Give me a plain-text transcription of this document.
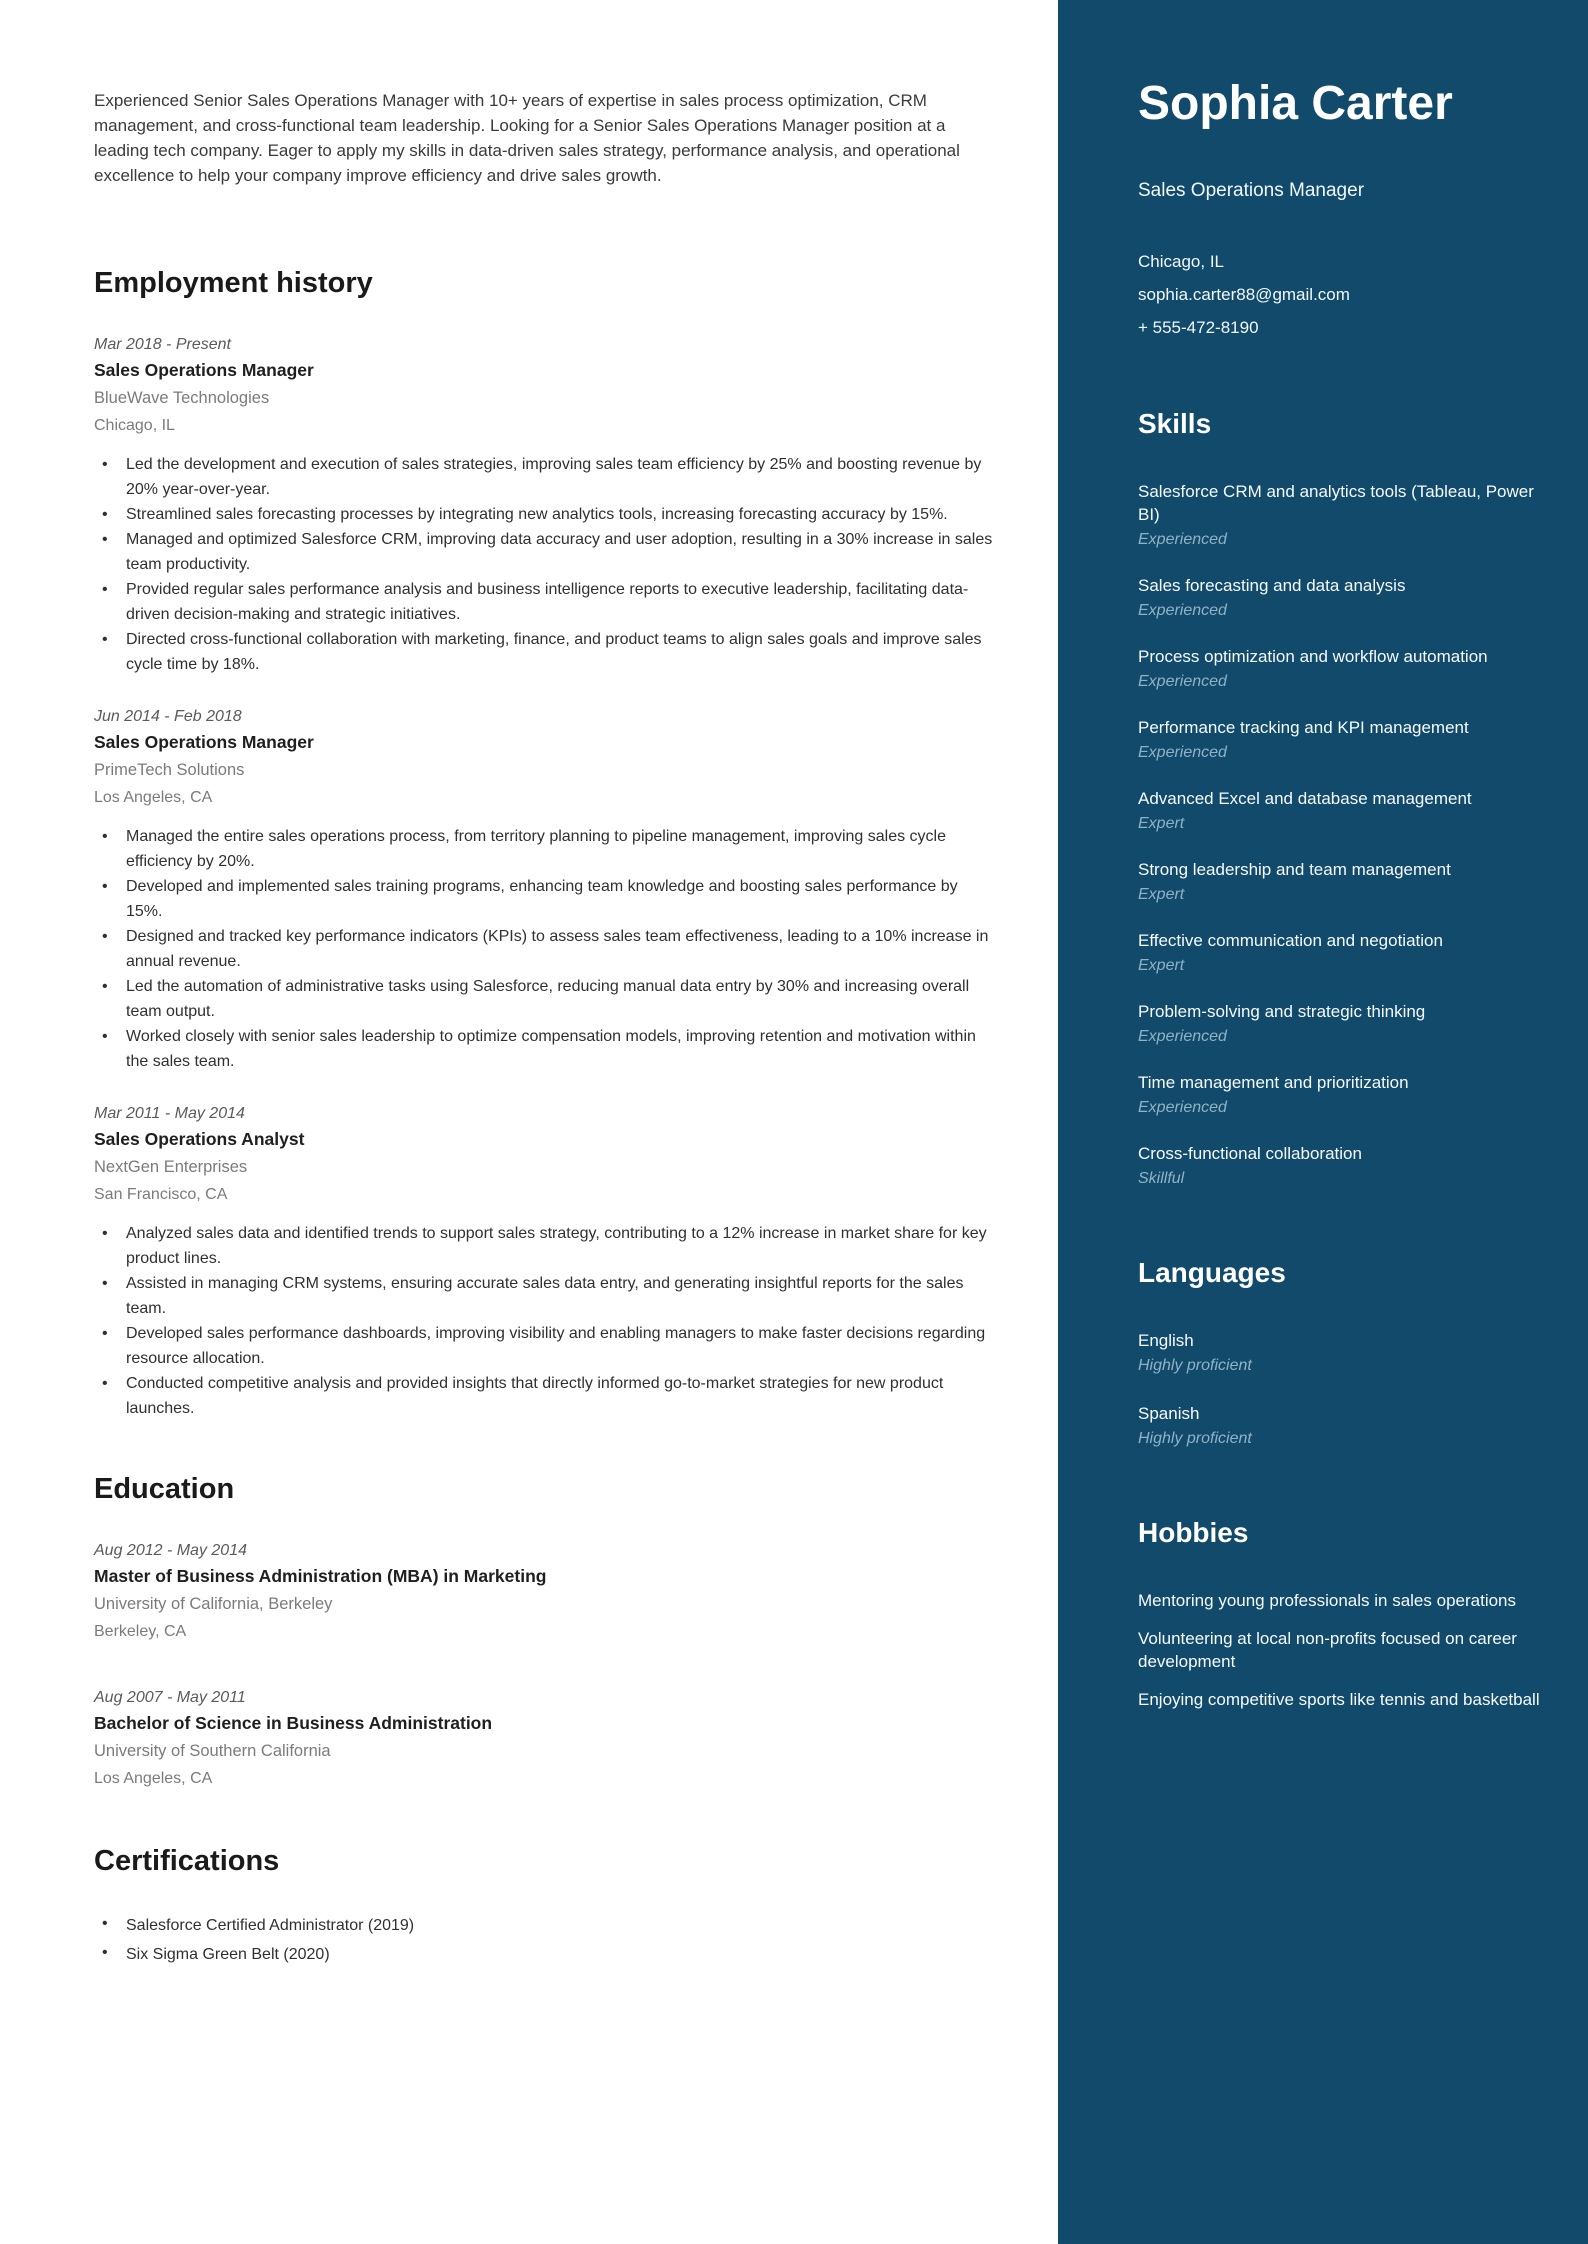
Experienced Senior Sales Operations Manager with 10+ years of expertise in sales process optimization, CRM management, and cross-functional team leadership. Looking for a Senior Sales Operations Manager position at a leading tech company. Eager to apply my skills in data-driven sales strategy, performance analysis, and operational excellence to help your company improve efficiency and drive sales growth.

Employment history
Mar 2018 - Present
Sales Operations Manager
BlueWave Technologies
Chicago, IL
• Led the development and execution of sales strategies, improving sales team efficiency by 25% and boosting revenue by 20% year-over-year.
• Streamlined sales forecasting processes by integrating new analytics tools, increasing forecasting accuracy by 15%.
• Managed and optimized Salesforce CRM, improving data accuracy and user adoption, resulting in a 30% increase in sales team productivity.
• Provided regular sales performance analysis and business intelligence reports to executive leadership, facilitating data-driven decision-making and strategic initiatives.
• Directed cross-functional collaboration with marketing, finance, and product teams to align sales goals and improve sales cycle time by 18%.
Jun 2014 - Feb 2018
Sales Operations Manager
PrimeTech Solutions
Los Angeles, CA
• Managed the entire sales operations process, from territory planning to pipeline management, improving sales cycle efficiency by 20%.
• Developed and implemented sales training programs, enhancing team knowledge and boosting sales performance by 15%.
• Designed and tracked key performance indicators (KPIs) to assess sales team effectiveness, leading to a 10% increase in annual revenue.
• Led the automation of administrative tasks using Salesforce, reducing manual data entry by 30% and increasing overall team output.
• Worked closely with senior sales leadership to optimize compensation models, improving retention and motivation within the sales team.
Mar 2011 - May 2014
Sales Operations Analyst
NextGen Enterprises
San Francisco, CA
• Analyzed sales data and identified trends to support sales strategy, contributing to a 12% increase in market share for key product lines.
• Assisted in managing CRM systems, ensuring accurate sales data entry, and generating insightful reports for the sales team.
• Developed sales performance dashboards, improving visibility and enabling managers to make faster decisions regarding resource allocation.
• Conducted competitive analysis and provided insights that directly informed go-to-market strategies for new product launches.
Education
Aug 2012 - May 2014
Master of Business Administration (MBA) in Marketing
University of California, Berkeley
Berkeley, CA
Aug 2007 - May 2011
Bachelor of Science in Business Administration
University of Southern California
Los Angeles, CA
Certifications
• Salesforce Certified Administrator (2019)
• Six Sigma Green Belt (2020)
Sophia Carter
Sales Operations Manager
Chicago, IL
sophia.carter88@gmail.com
+ 555-472-8190
Skills
Salesforce CRM and analytics tools (Tableau, Power BI)
Experienced
Sales forecasting and data analysis
Experienced
Process optimization and workflow automation
Experienced
Performance tracking and KPI management
Experienced
Advanced Excel and database management
Expert
Strong leadership and team management
Expert
Effective communication and negotiation
Expert
Problem-solving and strategic thinking
Experienced
Time management and prioritization
Experienced
Cross-functional collaboration
Skillful
Languages
English
Highly proficient
Spanish
Highly proficient
Hobbies
Mentoring young professionals in sales operations
Volunteering at local non-profits focused on career development
Enjoying competitive sports like tennis and basketball
